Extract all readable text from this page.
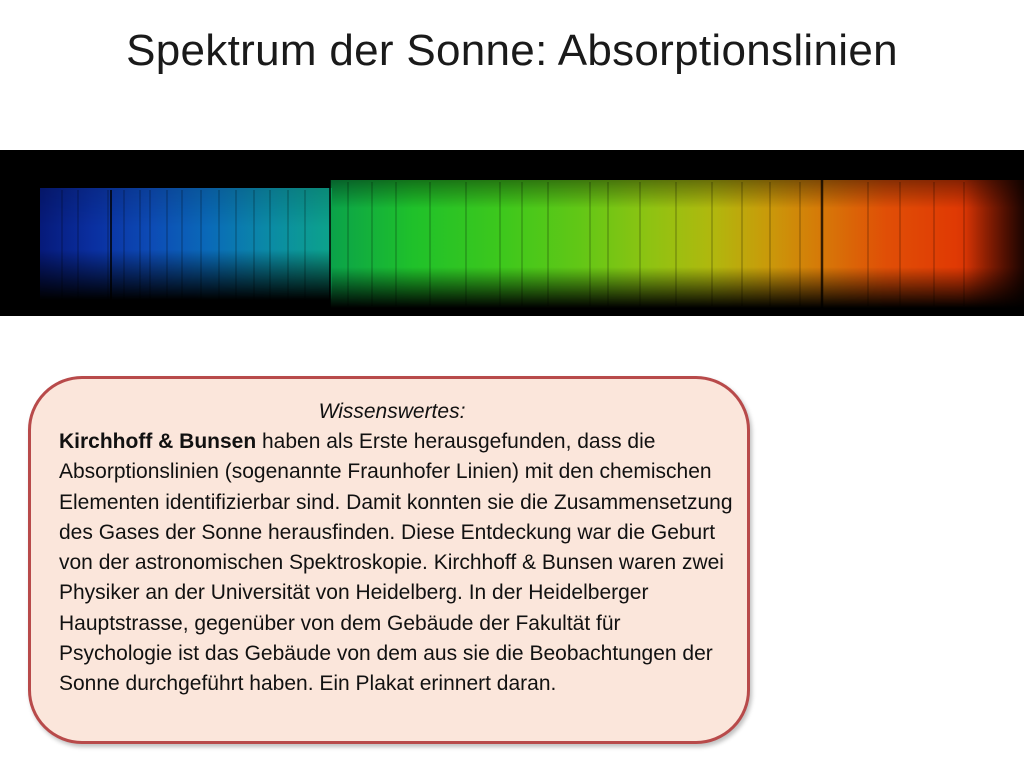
Spektrum der Sonne: Absorptionslinien
Wissenswertes:
Kirchhoff & Bunsen haben als Erste herausgefunden, dass die Absorptionslinien (sogenannte Fraunhofer Linien) mit den chemischen Elementen identifizierbar sind. Damit konnten sie die Zusammensetzung des Gases der Sonne herausfinden. Diese Entdeckung war die Geburt von der astronomischen Spektroskopie. Kirchhoff & Bunsen waren zwei Physiker an der Universität von Heidelberg. In der Heidelberger Hauptstrasse, gegenüber von dem Gebäude der Fakultät für Psychologie ist das Gebäude von dem aus sie die Beobachtungen der Sonne durchgeführt haben. Ein Plakat erinnert daran.
